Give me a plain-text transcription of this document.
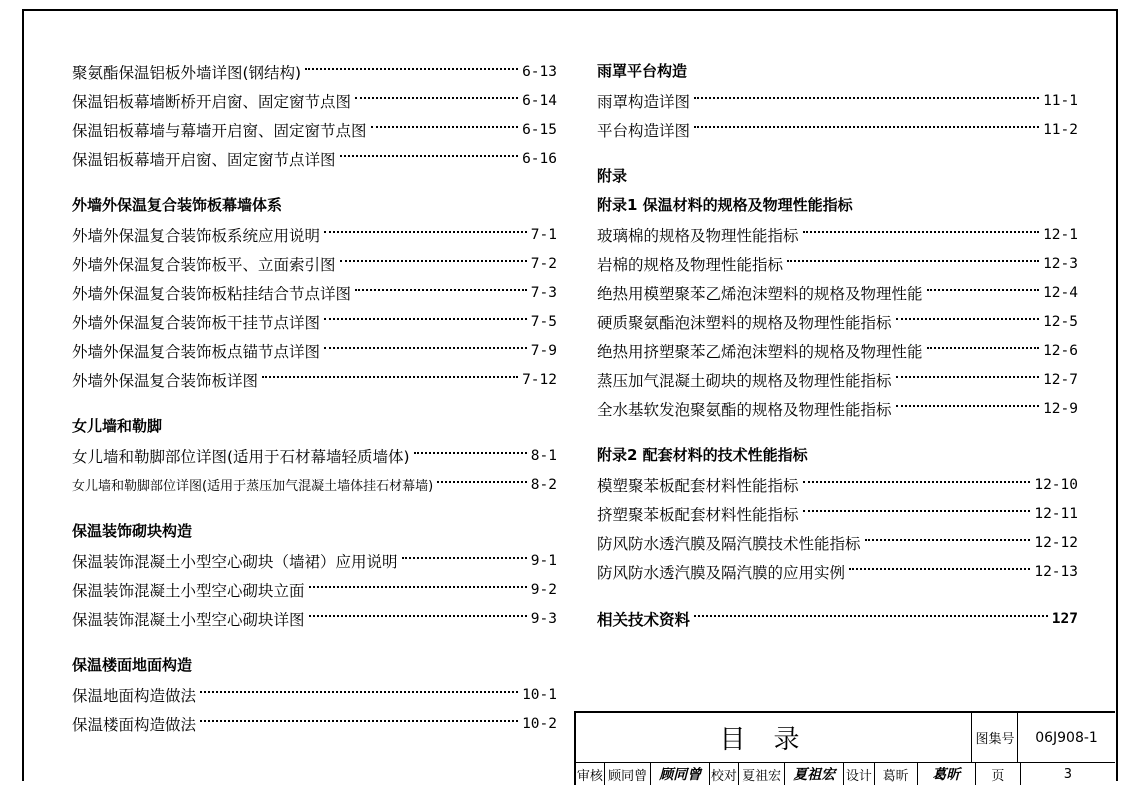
聚氨酯保温铝板外墙详图(钢结构)	6-13
保温铝板幕墙断桥开启窗、固定窗节点图	6-14
保温铝板幕墙与幕墙开启窗、固定窗节点图	6-15
保温铝板幕墙开启窗、固定窗节点详图	6-16
外墙外保温复合装饰板幕墙体系
外墙外保温复合装饰板系统应用说明	7-1
外墙外保温复合装饰板平、立面索引图	7-2
外墙外保温复合装饰板粘挂结合节点详图	7-3
外墙外保温复合装饰板干挂节点详图	7-5
外墙外保温复合装饰板点锚节点详图	7-9
外墙外保温复合装饰板详图	7-12
女儿墙和勒脚
女儿墙和勒脚部位详图(适用于石材幕墙轻质墙体)	8-1
女儿墙和勒脚部位详图(适用于蒸压加气混凝土墙体挂石材幕墙)	8-2
保温装饰砌块构造
保温装饰混凝土小型空心砌块（墙裙）应用说明	9-1
保温装饰混凝土小型空心砌块立面	9-2
保温装饰混凝土小型空心砌块详图	9-3
保温楼面地面构造
保温地面构造做法	10-1
保温楼面构造做法	10-2
雨罩平台构造
雨罩构造详图	11-1
平台构造详图	11-2
附录
附录1 保温材料的规格及物理性能指标
玻璃棉的规格及物理性能指标	12-1
岩棉的规格及物理性能指标	12-3
绝热用模塑聚苯乙烯泡沫塑料的规格及物理性能	12-4
硬质聚氨酯泡沫塑料的规格及物理性能指标	12-5
绝热用挤塑聚苯乙烯泡沫塑料的规格及物理性能	12-6
蒸压加气混凝土砌块的规格及物理性能指标	12-7
全水基软发泡聚氨酯的规格及物理性能指标	12-9
附录2 配套材料的技术性能指标
模塑聚苯板配套材料性能指标	12-10
挤塑聚苯板配套材料性能指标	12-11
防风防水透汽膜及隔汽膜技术性能指标	12-12
防风防水透汽膜及隔汽膜的应用实例	12-13
相关技术资料	127
目录	图集号	06J908-1
审核 顾同曾 顾同曾 校对 夏祖宏 夏祖宏 设计 葛昕	葛昕	页	3
